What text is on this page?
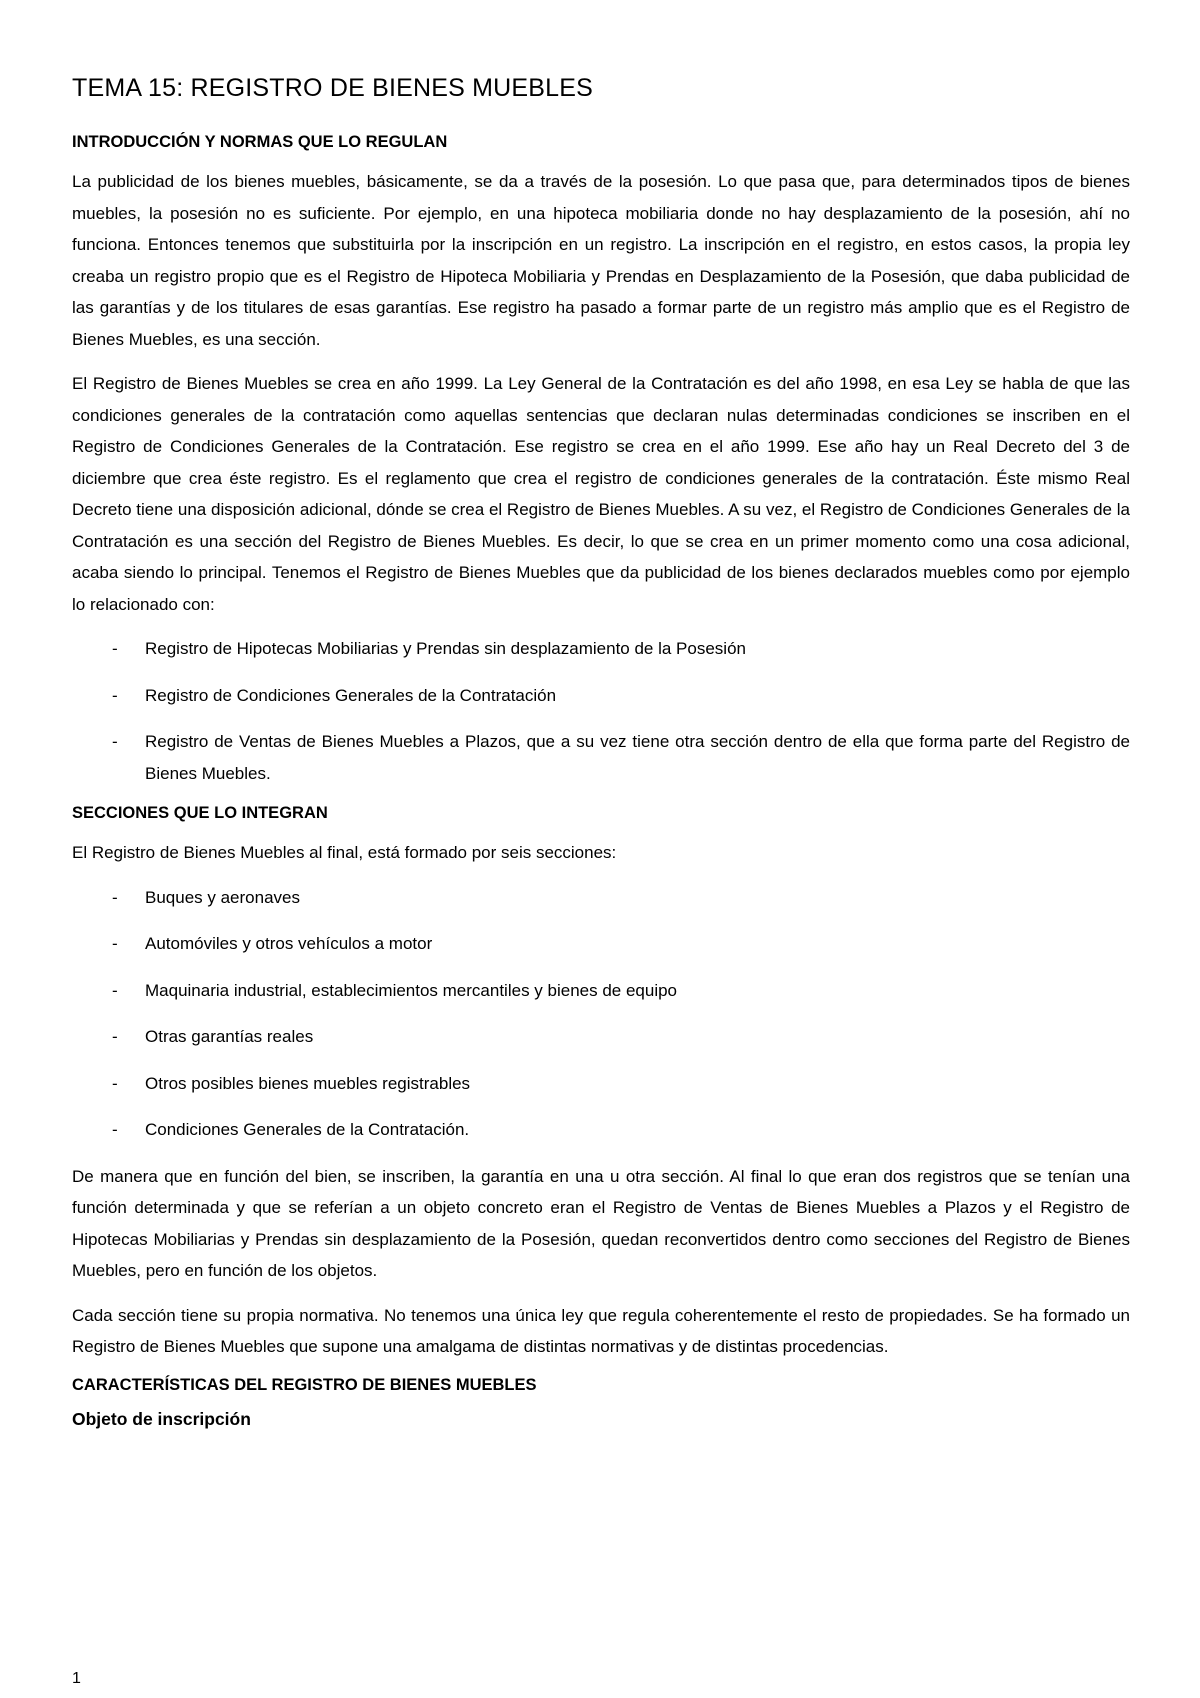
TEMA 15: REGISTRO DE BIENES MUEBLES
INTRODUCCIÓN Y NORMAS QUE LO REGULAN

La publicidad de los bienes muebles, básicamente, se da a través de la posesión. Lo que pasa que, para determinados tipos de bienes muebles, la posesión no es suficiente. Por ejemplo, en una hipoteca mobiliaria donde no hay desplazamiento de la posesión, ahí no funciona. Entonces tenemos que substituirla por la inscripción en un registro. La inscripción en el registro, en estos casos, la propia ley creaba un registro propio que es el Registro de Hipoteca Mobiliaria y Prendas en Desplazamiento de la Posesión, que daba publicidad de las garantías y de los titulares de esas garantías. Ese registro ha pasado a formar parte de un registro más amplio que es el Registro de Bienes Muebles, es una sección.

El Registro de Bienes Muebles se crea en año 1999. La Ley General de la Contratación es del año 1998, en esa Ley se habla de que las condiciones generales de la contratación como aquellas sentencias que declaran nulas determinadas condiciones se inscriben en el Registro de Condiciones Generales de la Contratación. Ese registro se crea en el año 1999. Ese año hay un Real Decreto del 3 de diciembre que crea éste registro. Es el reglamento que crea el registro de condiciones generales de la contratación. Éste mismo Real Decreto tiene una disposición adicional, dónde se crea el Registro de Bienes Muebles. A su vez, el Registro de Condiciones Generales de la Contratación es una sección del Registro de Bienes Muebles. Es decir, lo que se crea en un primer momento como una cosa adicional, acaba siendo lo principal. Tenemos el Registro de Bienes Muebles que da publicidad de los bienes declarados muebles como por ejemplo lo relacionado con:

- Registro de Hipotecas Mobiliarias y Prendas sin desplazamiento de la Posesión
- Registro de Condiciones Generales de la Contratación
- Registro de Ventas de Bienes Muebles a Plazos, que a su vez tiene otra sección dentro de ella que forma parte del Registro de Bienes Muebles.
SECCIONES QUE LO INTEGRAN

El Registro de Bienes Muebles al final, está formado por seis secciones:

- Buques y aeronaves
- Automóviles y otros vehículos a motor
- Maquinaria industrial, establecimientos mercantiles y bienes de equipo
- Otras garantías reales
- Otros posibles bienes muebles registrables
- Condiciones Generales de la Contratación.

De manera que en función del bien, se inscriben, la garantía en una u otra sección. Al final lo que eran dos registros que se tenían una función determinada y que se referían a un objeto concreto eran el Registro de Ventas de Bienes Muebles a Plazos y el Registro de Hipotecas Mobiliarias y Prendas sin desplazamiento de la Posesión, quedan reconvertidos dentro como secciones del Registro de Bienes Muebles, pero en función de los objetos.

Cada sección tiene su propia normativa. No tenemos una única ley que regula coherentemente el resto de propiedades. Se ha formado un Registro de Bienes Muebles que supone una amalgama de distintas normativas y de distintas procedencias.

CARACTERÍSTICAS DEL REGISTRO DE BIENES MUEBLES
Objeto de inscripción
1
